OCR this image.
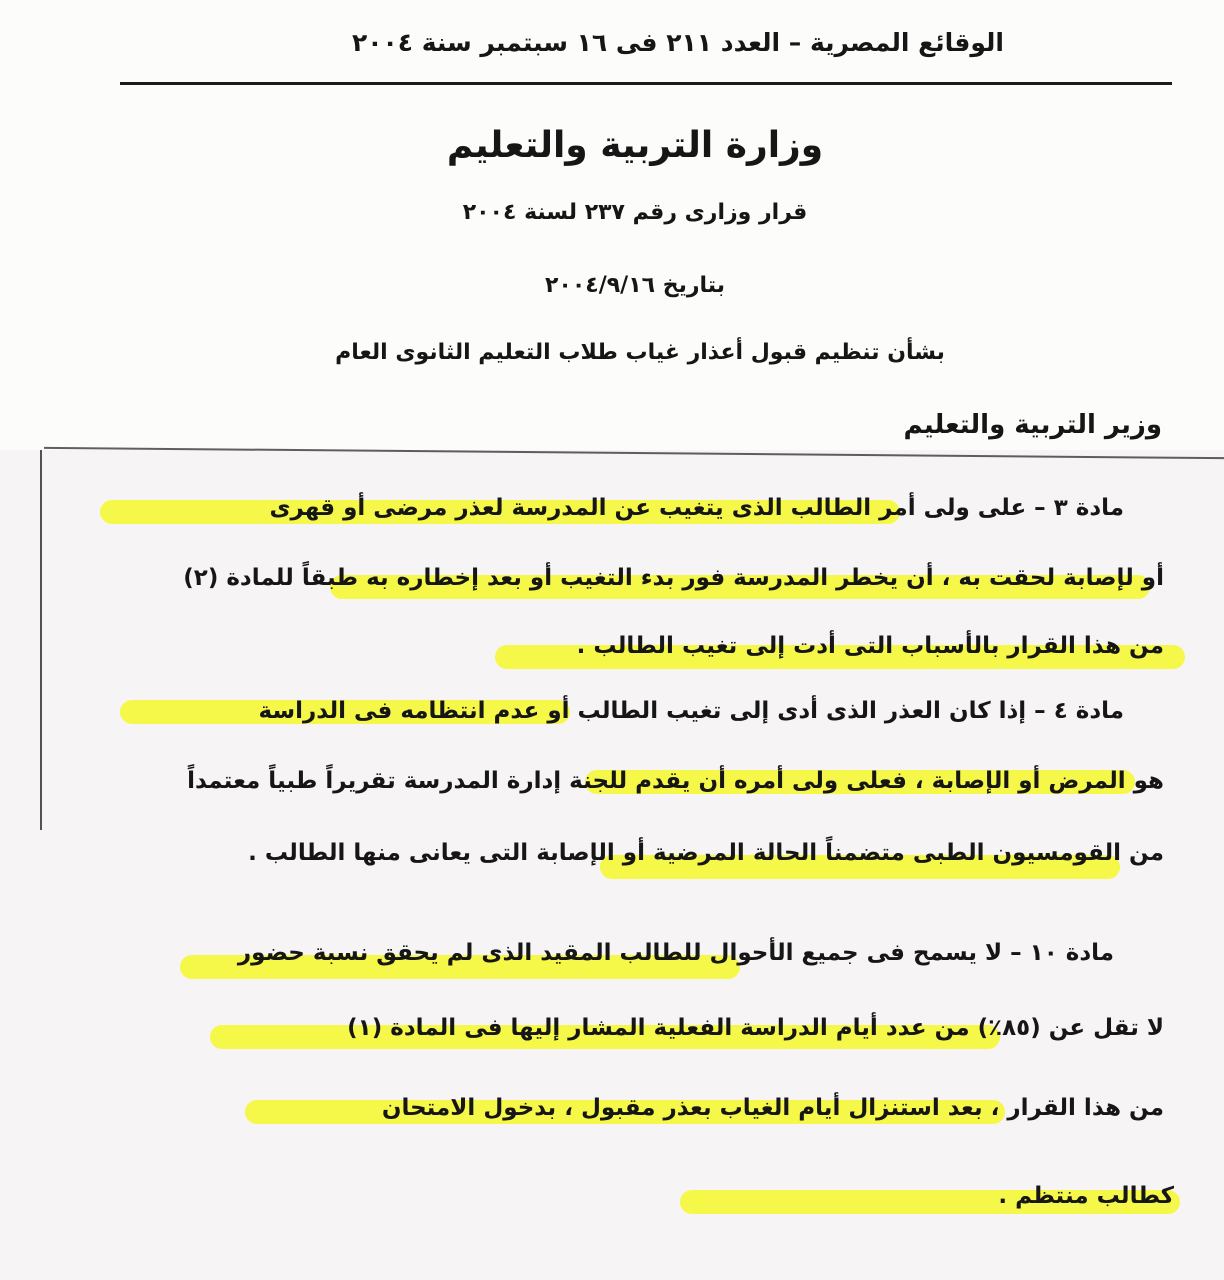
الوقائع المصرية – العدد ٢١١ فى ١٦ سبتمبر سنة ٢٠٠٤
وزارة التربية والتعليم
قرار وزارى رقم ٢٣٧ لسنة ٢٠٠٤
بتاريخ ٢٠٠٤/٩/١٦
بشأن تنظيم قبول أعذار غياب طلاب التعليم الثانوى العام
وزير التربية والتعليم
مادة ٣ – على ولى أمر الطالب الذى يتغيب عن المدرسة لعذر مرضى أو قهرى
أو لإصابة لحقت به ، أن يخطر المدرسة فور بدء التغيب أو بعد إخطاره به طبقاً للمادة (٢)
من هذا القرار بالأسباب التى أدت إلى تغيب الطالب .
مادة ٤ – إذا كان العذر الذى أدى إلى تغيب الطالب أو عدم انتظامه فى الدراسة
هو المرض أو الإصابة ، فعلى ولى أمره أن يقدم للجنة إدارة المدرسة تقريراً طبياً معتمداً
من القومسيون الطبى متضمناً الحالة المرضية أو الإصابة التى يعانى منها الطالب .
مادة ١٠ – لا يسمح فى جميع الأحوال للطالب المقيد الذى لم يحقق نسبة حضور
لا تقل عن (٨٥٪) من عدد أيام الدراسة الفعلية المشار إليها فى المادة (١)
من هذا القرار ، بعد استنزال أيام الغياب بعذر مقبول ، بدخول الامتحان
كطالب منتظم .
